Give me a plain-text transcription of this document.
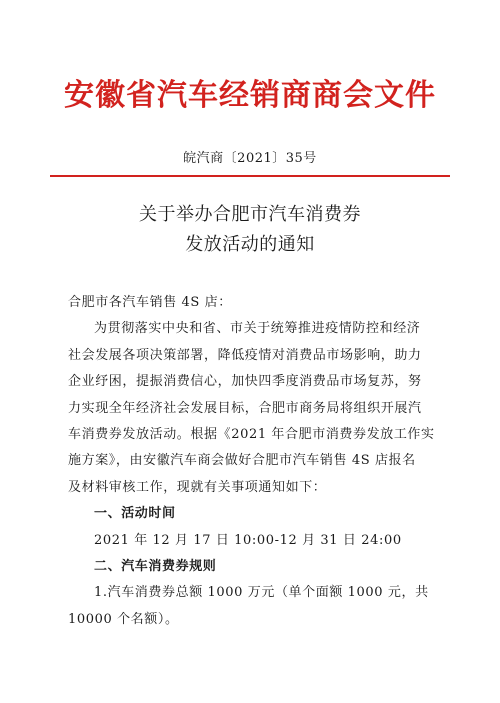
安徽省汽车经销商商会文件
皖汽商〔2021〕35号
关于举办合肥市汽车消费券
发放活动的通知
合肥市各汽车销售 4S 店：
为贯彻落实中央和省、市关于统筹推进疫情防控和经济
社会发展各项决策部署，降低疫情对消费品市场影响，助力
企业纾困，提振消费信心，加快四季度消费品市场复苏，努
力实现全年经济社会发展目标，合肥市商务局将组织开展汽
车消费券发放活动。根据《2021 年合肥市消费券发放工作实
施方案》，由安徽汽车商会做好合肥市汽车销售 4S 店报名
及材料审核工作，现就有关事项通知如下：
一、活动时间
2021 年 12 月 17 日 10:00-12 月 31 日 24:00
二、汽车消费券规则
1.汽车消费券总额 1000 万元（单个面额 1000 元，共
10000 个名额）。
